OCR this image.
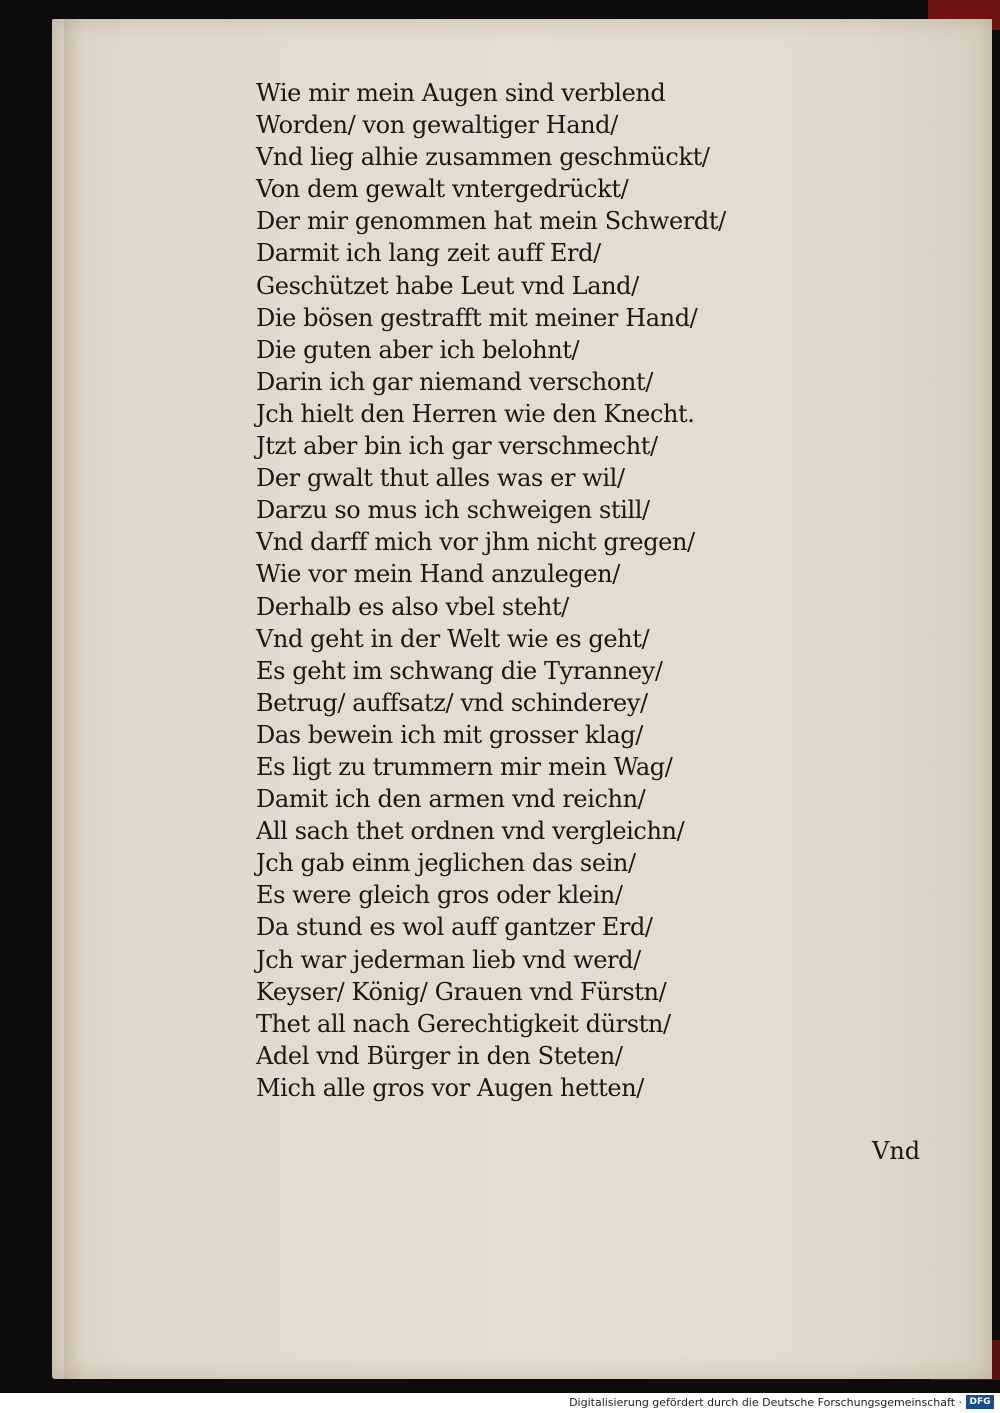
Wie mir mein Augen sind verblend
Worden/ von gewaltiger Hand/
Vnd lieg alhie zusammen geschmückt/
Von dem gewalt vntergedrückt/
Der mir genommen hat mein Schwerdt/
Darmit ich lang zeit auff Erd/
Geschützet habe Leut vnd Land/
Die bösen gestrafft mit meiner Hand/
Die guten aber ich belohnt/
Darin ich gar niemand verschont/
Jch hielt den Herren wie den Knecht.
Jtzt aber bin ich gar verschmecht/
Der gwalt thut alles was er wil/
Darzu so mus ich schweigen still/
Vnd darff mich vor jhm nicht gregen/
Wie vor mein Hand anzulegen/
Derhalb es also vbel steht/
Vnd geht in der Welt wie es geht/
Es geht im schwang die Tyranney/
Betrug/ auffsatz/ vnd schinderey/
Das bewein ich mit grosser klag/
Es ligt zu trummern mir mein Wag/
Damit ich den armen vnd reichn/
All sach thet ordnen vnd vergleichn/
Jch gab einm jeglichen das sein/
Es were gleich gros oder klein/
Da stund es wol auff gantzer Erd/
Jch war jederman lieb vnd werd/
Keyser/ König/ Grauen vnd Fürstn/
Thet all nach Gerechtigkeit dürstn/
Adel vnd Bürger in den Steten/
Mich alle gros vor Augen hetten/
Vnd
Digitalisierung gefördert durch die Deutsche Forschungsgemeinschaft · DFG
